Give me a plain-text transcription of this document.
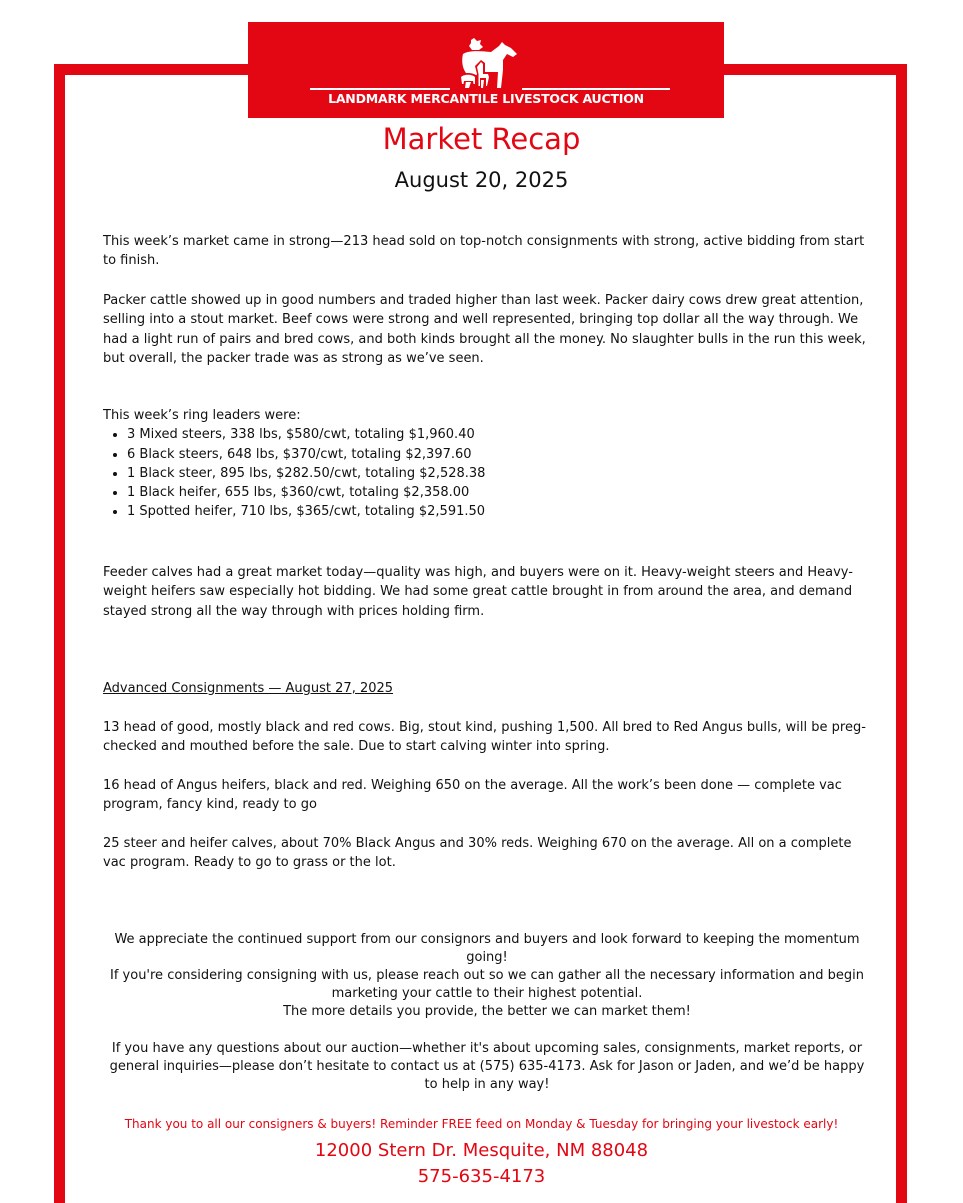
LANDMARK MERCANTILE LIVESTOCK AUCTION
Market Recap
August 20, 2025

This week’s market came in strong—213 head sold on top-notch consignments with strong, active bidding from start to finish.

Packer cattle showed up in good numbers and traded higher than last week. Packer dairy cows drew great attention, selling into a stout market. Beef cows were strong and well represented, bringing top dollar all the way through. We had a light run of pairs and bred cows, and both kinds brought all the money. No slaughter bulls in the run this week, but overall, the packer trade was as strong as we’ve seen.

This week’s ring leaders were:

• 3 Mixed steers, 338 lbs, $580/cwt, totaling $1,960.40
• 6 Black steers, 648 lbs, $370/cwt, totaling $2,397.60
• 1 Black steer, 895 lbs, $282.50/cwt, totaling $2,528.38
• 1 Black heifer, 655 lbs, $360/cwt, totaling $2,358.00
• 1 Spotted heifer, 710 lbs, $365/cwt, totaling $2,591.50

Feeder calves had a great market today—quality was high, and buyers were on it. Heavy-weight steers and Heavy-weight heifers saw especially hot bidding. We had some great cattle brought in from around the area, and demand stayed strong all the way through with prices holding firm.

Advanced Consignments — August 27, 2025

13 head of good, mostly black and red cows. Big, stout kind, pushing 1,500. All bred to Red Angus bulls, will be preg-checked and mouthed before the sale. Due to start calving winter into spring.

16 head of Angus heifers, black and red. Weighing 650 on the average. All the work’s been done — complete vac program, fancy kind, ready to go

25 steer and heifer calves, about 70% Black Angus and 30% reds. Weighing 670 on the average. All on a complete vac program. Ready to go to grass or the lot.

We appreciate the continued support from our consignors and buyers and look forward to keeping the momentum going!

If you're considering consigning with us, please reach out so we can gather all the necessary information and begin marketing your cattle to their highest potential.

The more details you provide, the better we can market them!

If you have any questions about our auction—whether it's about upcoming sales, consignments, market reports, or general inquiries—please don’t hesitate to contact us at (575) 635-4173. Ask for Jason or Jaden, and we’d be happy to help in any way!

Thank you to all our consigners & buyers! Reminder FREE feed on Monday & Tuesday for bringing your livestock early!
12000 Stern Dr. Mesquite, NM 88048
575-635-4173
